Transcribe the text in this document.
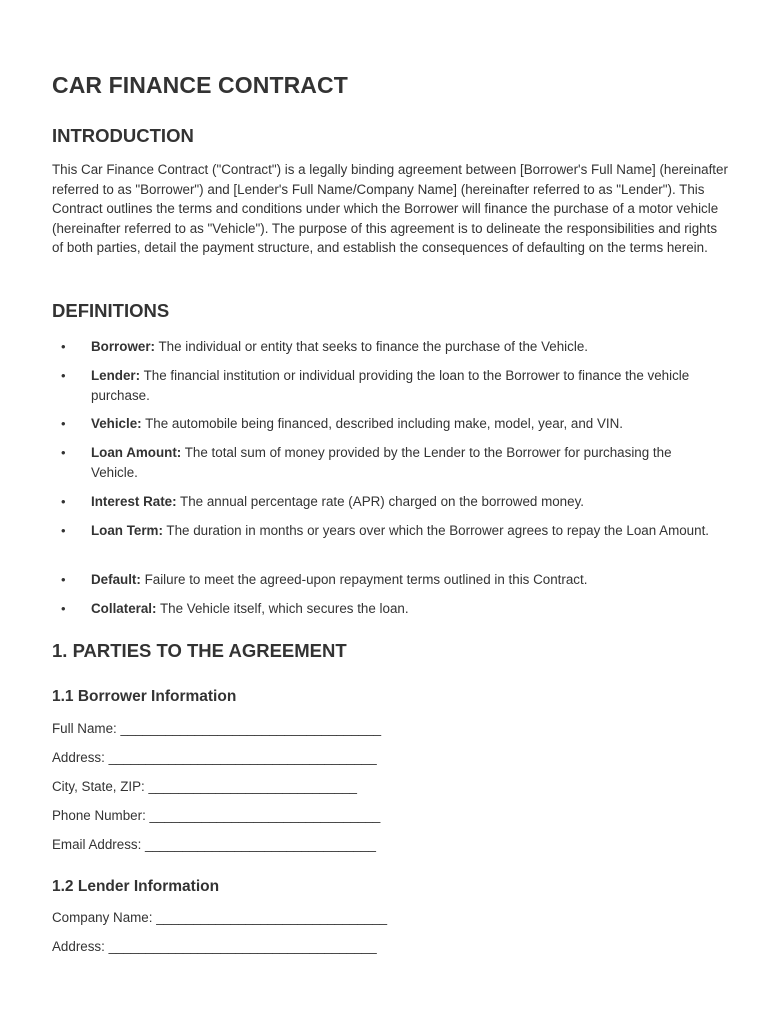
CAR FINANCE CONTRACT
INTRODUCTION

This Car Finance Contract ("Contract") is a legally binding agreement between [Borrower's Full Name] (hereinafter referred to as "Borrower") and [Lender's Full Name/Company Name] (hereinafter referred to as "Lender"). This Contract outlines the terms and conditions under which the Borrower will finance the purchase of a motor vehicle (hereinafter referred to as "Vehicle"). The purpose of this agreement is to delineate the responsibilities and rights of both parties, detail the payment structure, and establish the consequences of defaulting on the terms herein.

DEFINITIONS
• Borrower: The individual or entity that seeks to finance the purchase of the Vehicle.
• Lender: The financial institution or individual providing the loan to the Borrower to finance the vehicle purchase.
• Vehicle: The automobile being financed, described including make, model, year, and VIN.
• Loan Amount: The total sum of money provided by the Lender to the Borrower for purchasing the Vehicle.
• Interest Rate: The annual percentage rate (APR) charged on the borrowed money.
• Loan Term: The duration in months or years over which the Borrower agrees to repay the Loan Amount.
• Default: Failure to meet the agreed-upon repayment terms outlined in this Contract.
• Collateral: The Vehicle itself, which secures the loan.
1. PARTIES TO THE AGREEMENT
1.1 Borrower Information

Full Name: ___________________________________

Address: ____________________________________

City, State, ZIP: ____________________________

Phone Number: _______________________________

Email Address: _______________________________

1.2 Lender Information

Company Name: _______________________________

Address: ____________________________________
